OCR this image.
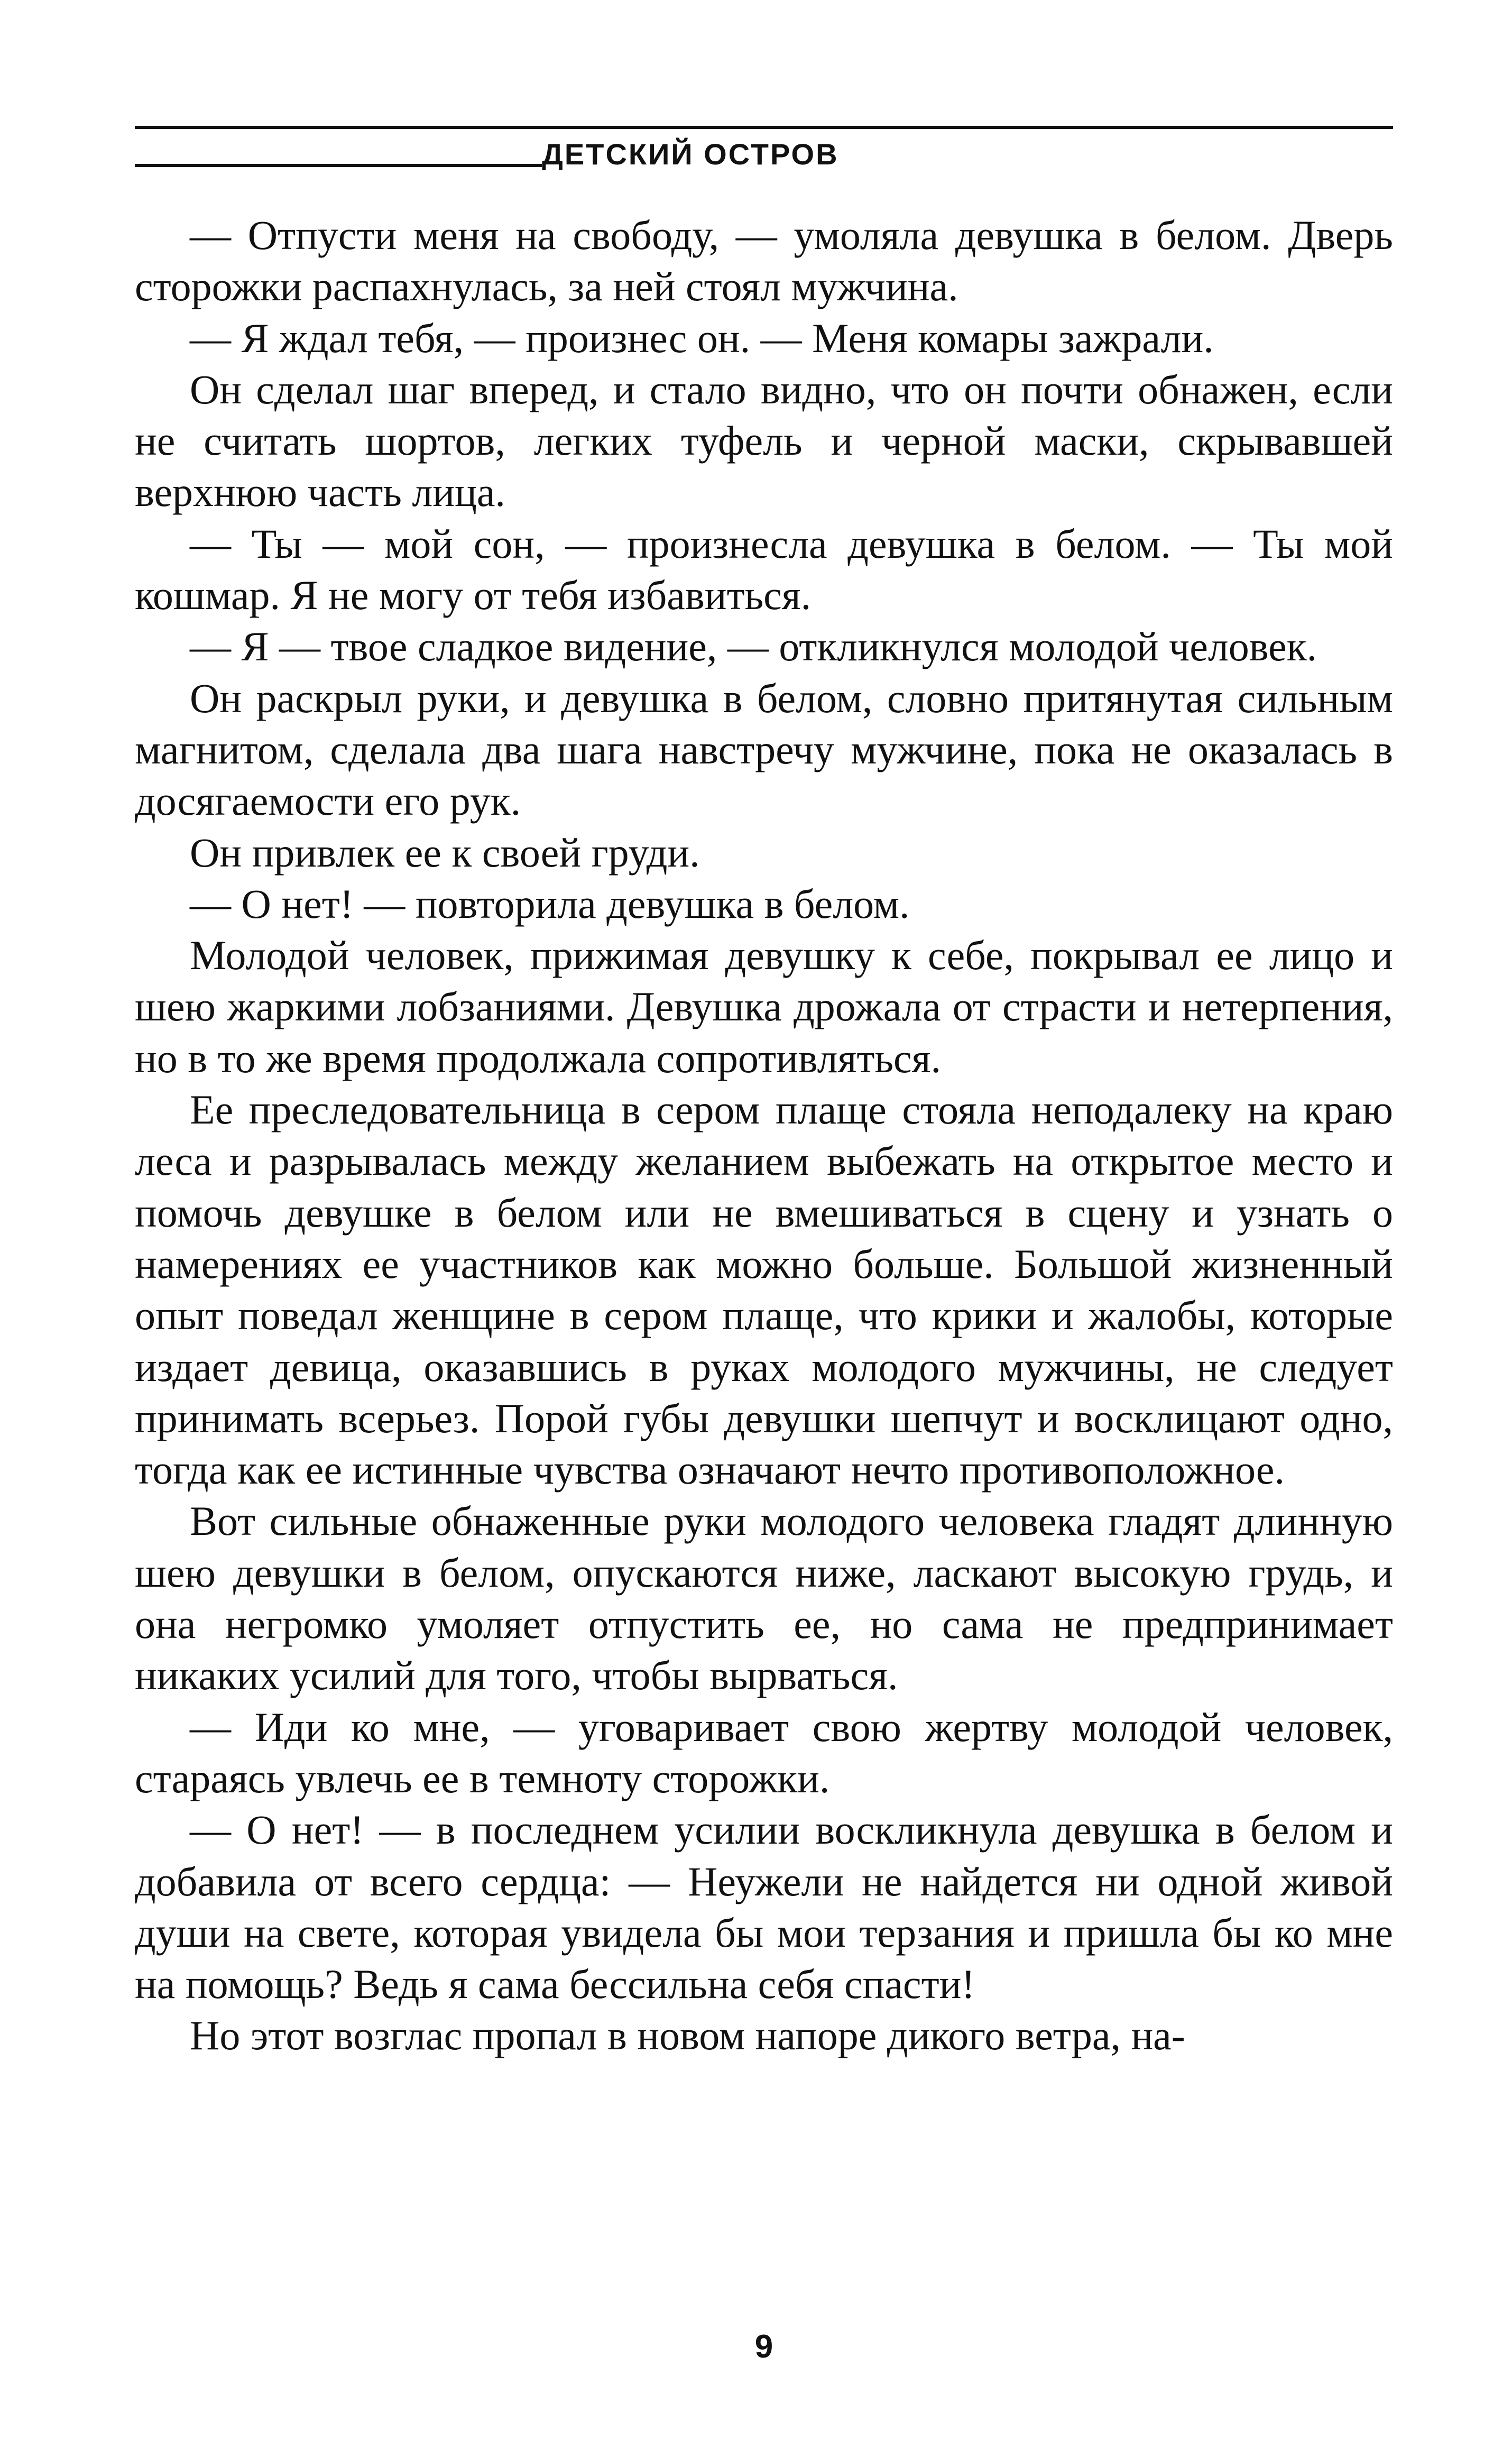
ДЕТСКИЙ ОСТРОВ

— Отпусти меня на свободу, — умоляла девушка в белом. Дверь сторожки распахнулась, за ней стоял мужчина.

— Я ждал тебя, — произнес он. — Меня комары зажрали.

Он сделал шаг вперед, и стало видно, что он почти обнажен, если не считать шортов, легких туфель и черной маски, скрывавшей верхнюю часть лица.

— Ты — мой сон, — произнесла девушка в белом. — Ты мой кошмар. Я не могу от тебя избавиться.

— Я — твое сладкое видение, — откликнулся молодой человек.

Он раскрыл руки, и девушка в белом, словно притянутая сильным магнитом, сделала два шага навстречу мужчине, пока не оказалась в досягаемости его рук.

Он привлек ее к своей груди.

— О нет! — повторила девушка в белом.

Молодой человек, прижимая девушку к себе, покрывал ее лицо и шею жаркими лобзаниями. Девушка дрожала от страсти и нетерпения, но в то же время продолжала сопротивляться.

Ее преследовательница в сером плаще стояла неподалеку на краю леса и разрывалась между желанием выбежать на открытое место и помочь девушке в белом или не вмешиваться в сцену и узнать о намерениях ее участников как можно больше. Большой жизненный опыт поведал женщине в сером плаще, что крики и жалобы, которые издает девица, оказавшись в руках молодого мужчины, не следует принимать всерьез. Порой губы девушки шепчут и восклицают одно, тогда как ее истинные чувства означают нечто противоположное.

Вот сильные обнаженные руки молодого человека гладят длинную шею девушки в белом, опускаются ниже, ласкают высокую грудь, и она негромко умоляет отпустить ее, но сама не предпринимает никаких усилий для того, чтобы вырваться.

— Иди ко мне, — уговаривает свою жертву молодой человек, стараясь увлечь ее в темноту сторожки.

— О нет! — в последнем усилии воскликнула девушка в белом и добавила от всего сердца: — Неужели не найдется ни одной живой души на свете, которая увидела бы мои терзания и пришла бы ко мне на помощь? Ведь я сама бессильна себя спасти!

Но этот возглас пропал в новом напоре дикого ветра, на-

9
